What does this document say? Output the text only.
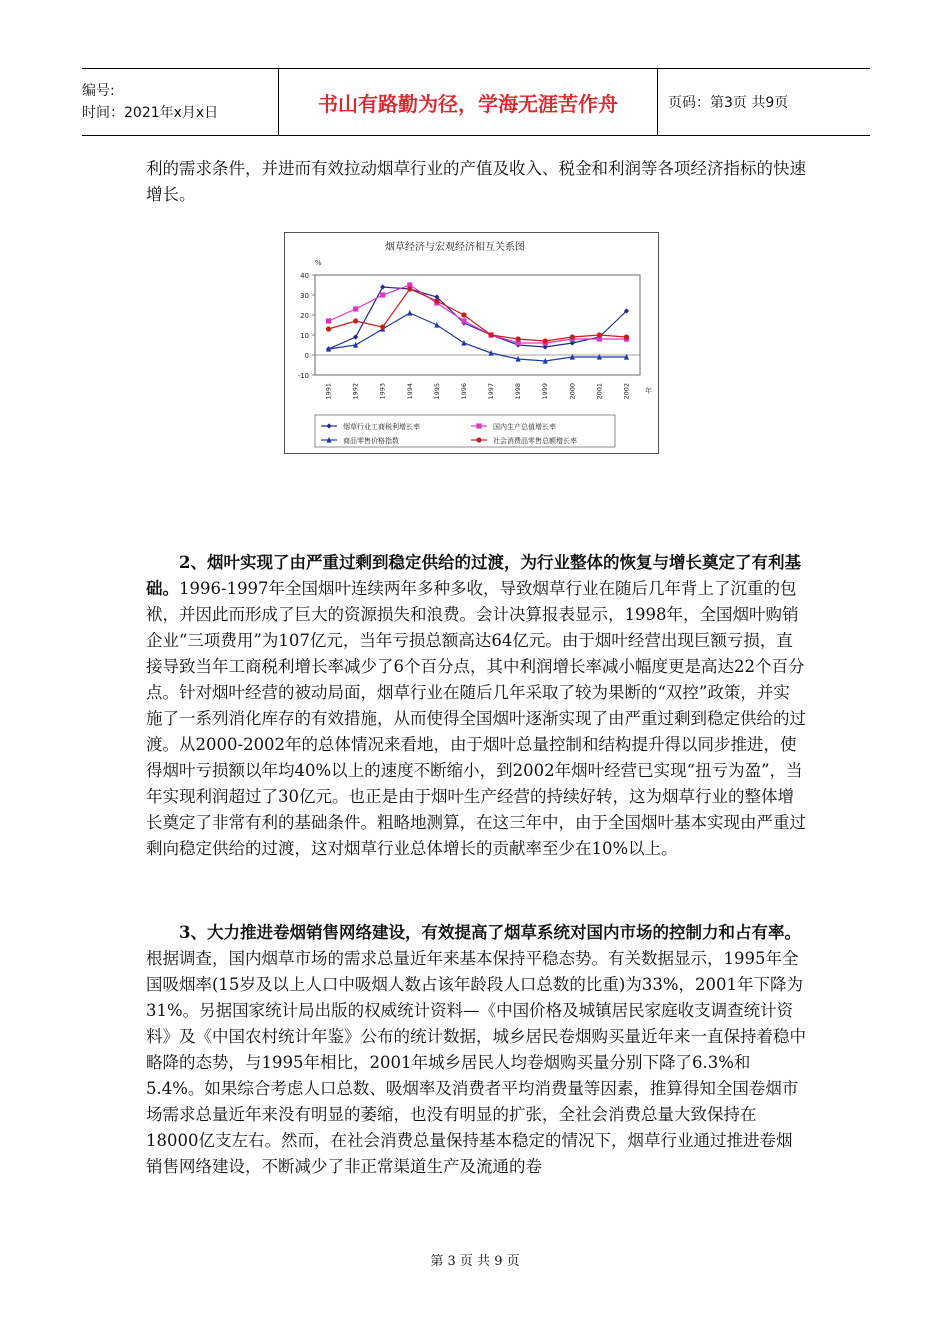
编号:
时间：2021年x月x日	书山有路勤为径，学海无涯苦作舟	页码：第3页 共9页

利的需求条件，并进而有效拉动烟草行业的产值及收入、税金和利润等各项经济指标的快速增长。

烟草经济与宏观经济相互关系图
%
年
40
30
20
10
0
-10
1991	1992	1993	1994	1995	1996	1997	1998	1999	2000	2001	2002
烟草行业工商税利增长率	国内生产总值增长率
商品零售价格指数	社会消费品零售总额增长率

2、烟叶实现了由严重过剩到稳定供给的过渡，为行业整体的恢复与增长奠定了有利基础。1996-1997年全国烟叶连续两年多种多收，导致烟草行业在随后几年背上了沉重的包袱，并因此而形成了巨大的资源损失和浪费。会计决算报表显示，1998年，全国烟叶购销企业“三项费用”为107亿元，当年亏损总额高达64亿元。由于烟叶经营出现巨额亏损，直接导致当年工商税利增长率减少了6个百分点，其中利润增长率减小幅度更是高达22个百分点。针对烟叶经营的被动局面，烟草行业在随后几年采取了较为果断的“双控”政策，并实施了一系列消化库存的有效措施，从而使得全国烟叶逐渐实现了由严重过剩到稳定供给的过渡。从2000-2002年的总体情况来看地，由于烟叶总量控制和结构提升得以同步推进，使得烟叶亏损额以年均40%以上的速度不断缩小，到2002年烟叶经营已实现“扭亏为盈”，当年实现利润超过了30亿元。也正是由于烟叶生产经营的持续好转，这为烟草行业的整体增长奠定了非常有利的基础条件。粗略地测算，在这三年中，由于全国烟叶基本实现由严重过剩向稳定供给的过渡，这对烟草行业总体增长的贡献率至少在10%以上。

3、大力推进卷烟销售网络建设，有效提高了烟草系统对国内市场的控制力和占有率。根据调查，国内烟草市场的需求总量近年来基本保持平稳态势。有关数据显示，1995年全国吸烟率(15岁及以上人口中吸烟人数占该年龄段人口总数的比重)为33%，2001年下降为31%。另据国家统计局出版的权威统计资料—《中国价格及城镇居民家庭收支调查统计资料》及《中国农村统计年鉴》公布的统计数据，城乡居民卷烟购买量近年来一直保持着稳中略降的态势，与1995年相比，2001年城乡居民人均卷烟购买量分别下降了6.3%和5.4%。如果综合考虑人口总数、吸烟率及消费者平均消费量等因素，推算得知全国卷烟市场需求总量近年来没有明显的萎缩，也没有明显的扩张，全社会消费总量大致保持在18000亿支左右。然而，在社会消费总量保持基本稳定的情况下，烟草行业通过推进卷烟销售网络建设，不断减少了非正常渠道生产及流通的卷

第 3 页 共 9 页
